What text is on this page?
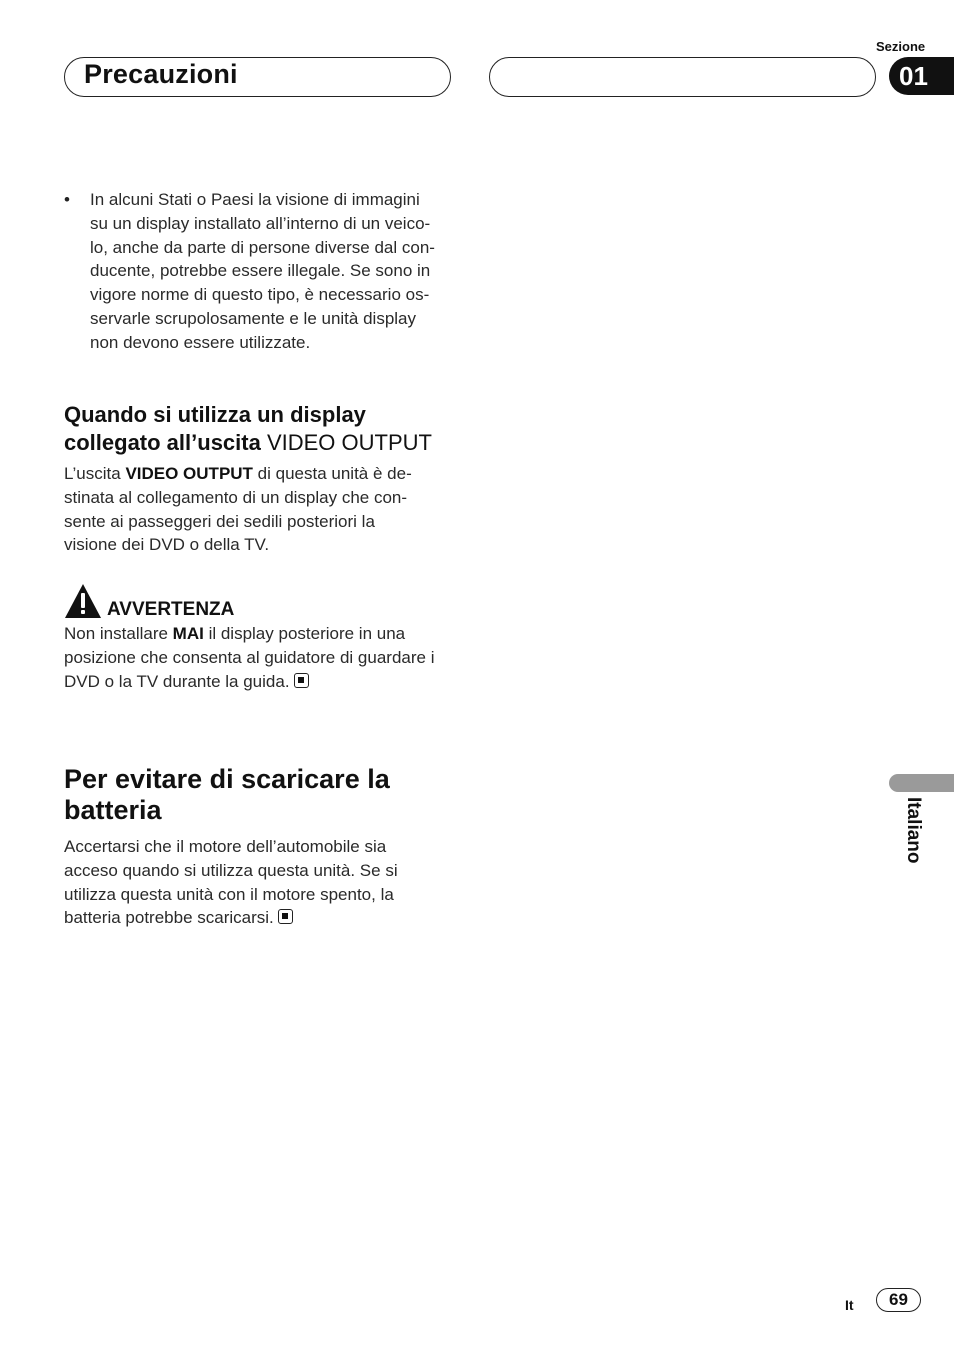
Precauzioni
Sezione
01
• In alcuni Stati o Paesi la visione di immagini
su un display installato all’interno di un veico-
lo, anche da parte di persone diverse dal con-
ducente, potrebbe essere illegale. Se sono in
vigore norme di questo tipo, è necessario os-
servarle scrupolosamente e le unità display
non devono essere utilizzate.
Quando si utilizza un display
collegato all’uscita VIDEO OUTPUT
L’uscita VIDEO OUTPUT di questa unità è de-
stinata al collegamento di un display che con-
sente ai passeggeri dei sedili posteriori la
visione dei DVD o della TV.
AVVERTENZA
Non installare MAI il display posteriore in una
posizione che consenta al guidatore di guardare i
DVD o la TV durante la guida.
Per evitare di scaricare la
batteria
Accertarsi che il motore dell’automobile sia
acceso quando si utilizza questa unità. Se si
utilizza questa unità con il motore spento, la
batteria potrebbe scaricarsi.
Italiano
It	69
